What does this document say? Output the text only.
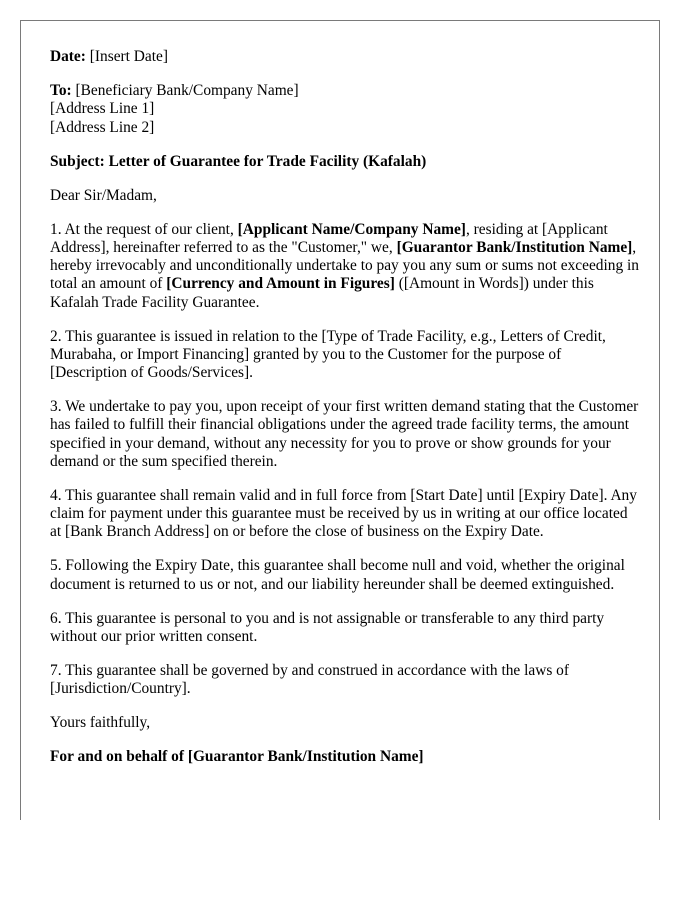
Date: [Insert Date]

To: [Beneficiary Bank/Company Name]
[Address Line 1]
[Address Line 2]

Subject: Letter of Guarantee for Trade Facility (Kafalah)

Dear Sir/Madam,

1. At the request of our client, [Applicant Name/Company Name], residing at [Applicant Address], hereinafter referred to as the "Customer," we, [Guarantor Bank/Institution Name], hereby irrevocably and unconditionally undertake to pay you any sum or sums not exceeding in total an amount of [Currency and Amount in Figures] ([Amount in Words]) under this Kafalah Trade Facility Guarantee.

2. This guarantee is issued in relation to the [Type of Trade Facility, e.g., Letters of Credit, Murabaha, or Import Financing] granted by you to the Customer for the purpose of [Description of Goods/Services].

3. We undertake to pay you, upon receipt of your first written demand stating that the Customer has failed to fulfill their financial obligations under the agreed trade facility terms, the amount specified in your demand, without any necessity for you to prove or show grounds for your demand or the sum specified therein.

4. This guarantee shall remain valid and in full force from [Start Date] until [Expiry Date]. Any claim for payment under this guarantee must be received by us in writing at our office located at [Bank Branch Address] on or before the close of business on the Expiry Date.

5. Following the Expiry Date, this guarantee shall become null and void, whether the original document is returned to us or not, and our liability hereunder shall be deemed extinguished.

6. This guarantee is personal to you and is not assignable or transferable to any third party without our prior written consent.

7. This guarantee shall be governed by and construed in accordance with the laws of [Jurisdiction/Country].

Yours faithfully,

For and on behalf of [Guarantor Bank/Institution Name]
